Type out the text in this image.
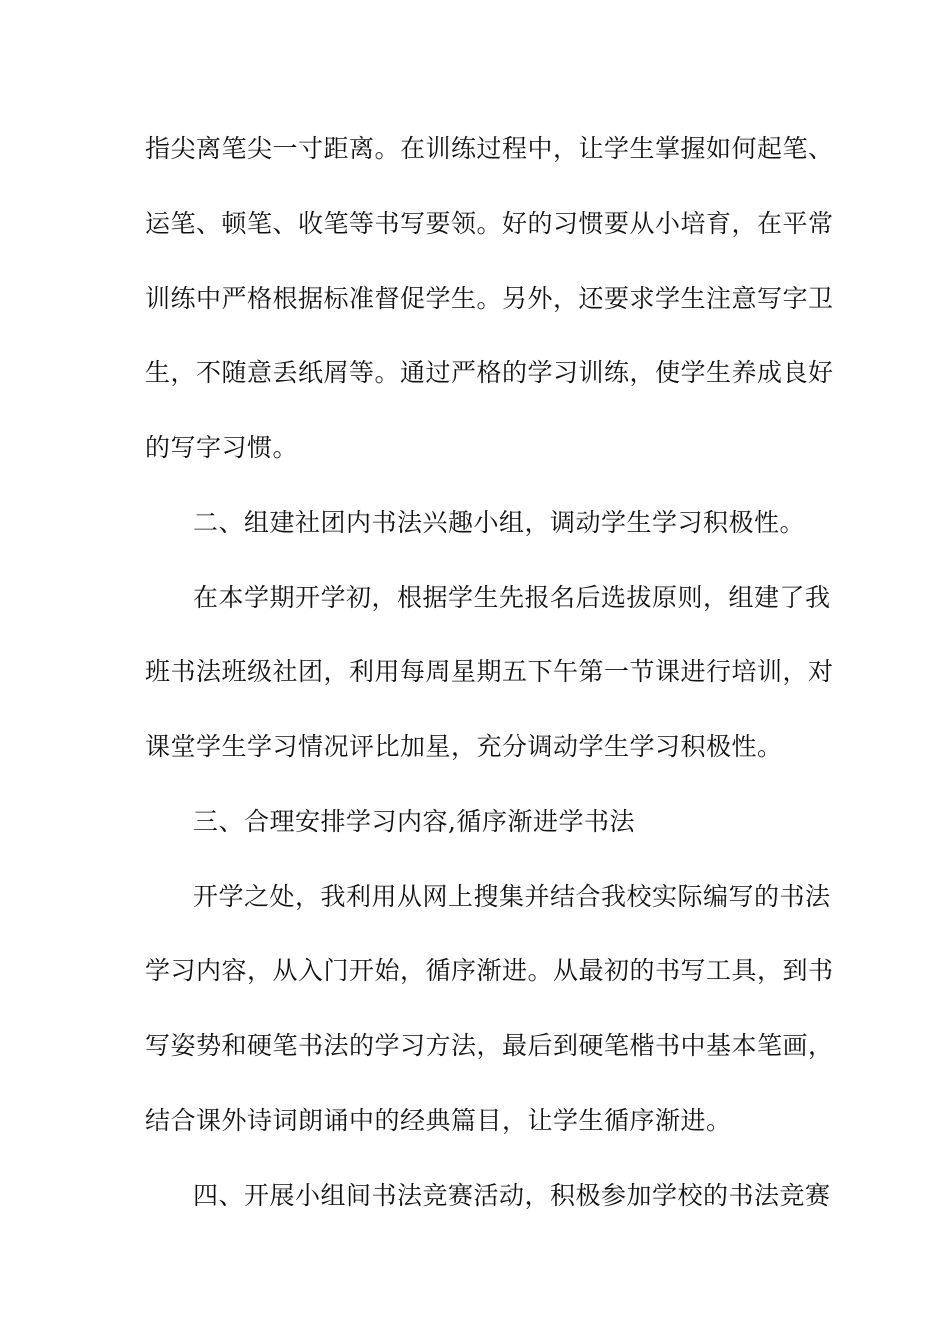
指尖离笔尖一寸距离。在训练过程中，让学生掌握如何起笔、

运笔、顿笔、收笔等书写要领。好的习惯要从小培育，在平常

训练中严格根据标准督促学生。另外，还要求学生注意写字卫

生，不随意丢纸屑等。通过严格的学习训练，使学生养成良好

的写字习惯。

二、组建社团内书法兴趣小组，调动学生学习积极性。

在本学期开学初，根据学生先报名后选拔原则，组建了我

班书法班级社团，利用每周星期五下午第一节课进行培训，对

课堂学生学习情况评比加星，充分调动学生学习积极性。

三、合理安排学习内容,循序渐进学书法

开学之处，我利用从网上搜集并结合我校实际编写的书法

学习内容，从入门开始，循序渐进。从最初的书写工具，到书

写姿势和硬笔书法的学习方法，最后到硬笔楷书中基本笔画，

结合课外诗词朗诵中的经典篇目，让学生循序渐进。

四、开展小组间书法竞赛活动，积极参加学校的书法竞赛
